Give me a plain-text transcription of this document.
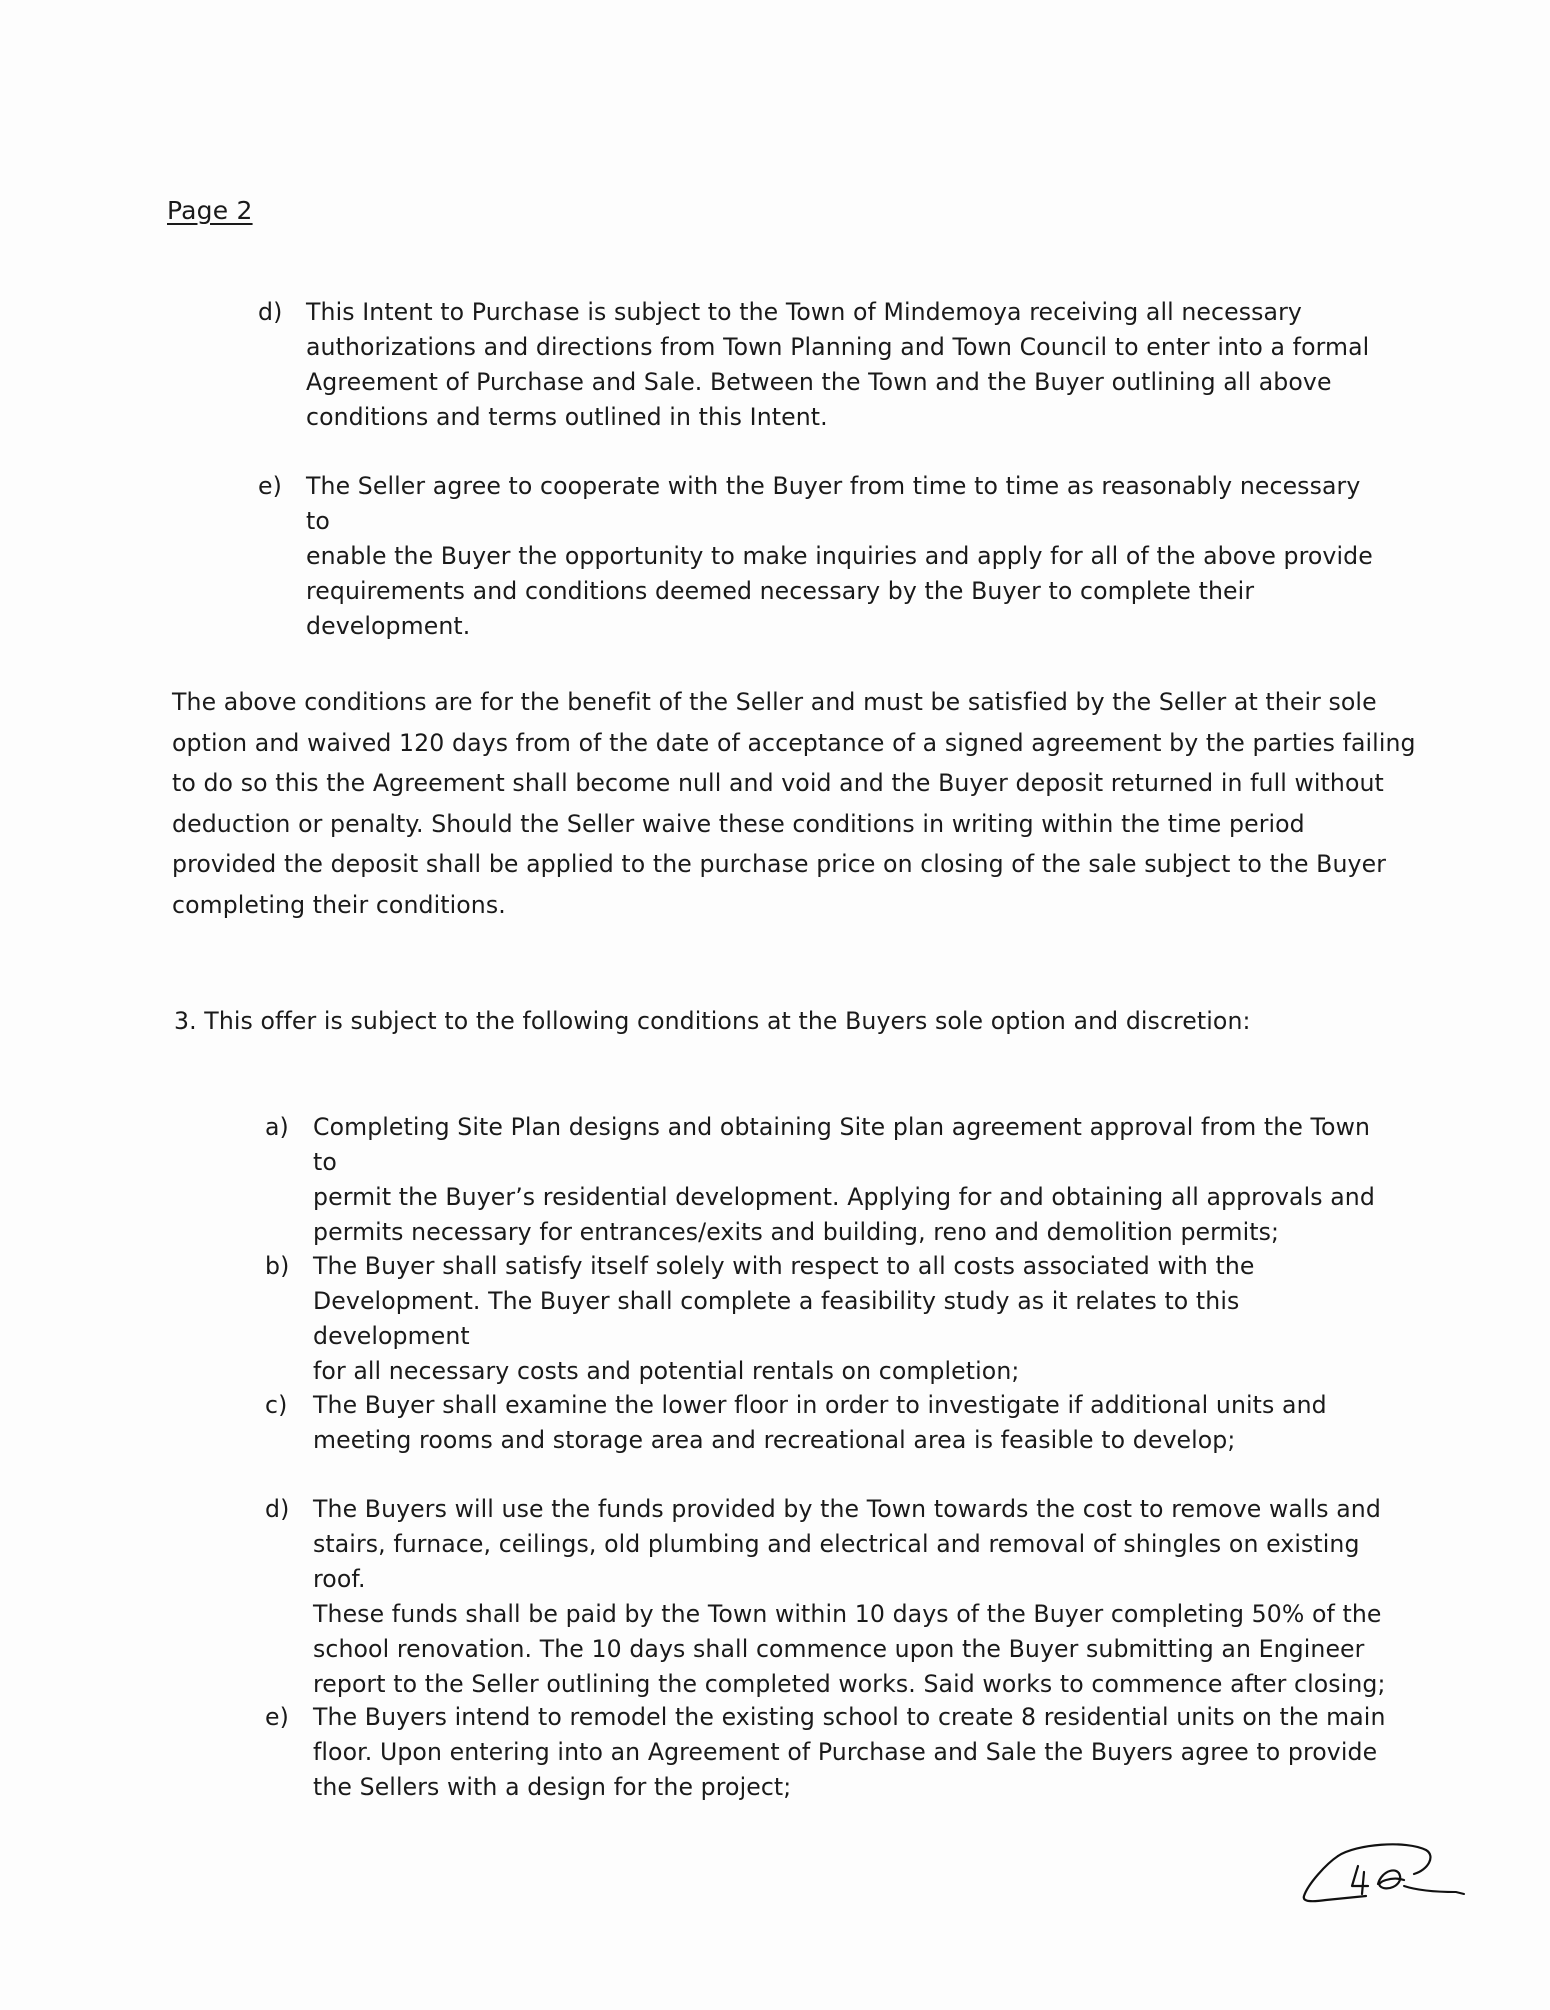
Page 2
d) This Intent to Purchase is subject to the Town of Mindemoya receiving all necessary
authorizations and directions from Town Planning and Town Council to enter into a formal
Agreement of Purchase and Sale. Between the Town and the Buyer outlining all above
conditions and terms outlined in this Intent.
e) The Seller agree to cooperate with the Buyer from time to time as reasonably necessary to
enable the Buyer the opportunity to make inquiries and apply for all of the above provide
requirements and conditions deemed necessary by the Buyer to complete their
development.
The above conditions are for the benefit of the Seller and must be satisfied by the Seller at their sole
option and waived 120 days from of the date of acceptance of a signed agreement by the parties failing
to do so this the Agreement shall become null and void and the Buyer deposit returned in full without
deduction or penalty. Should the Seller waive these conditions in writing within the time period
provided the deposit shall be applied to the purchase price on closing of the sale subject to the Buyer
completing their conditions.
3. This offer is subject to the following conditions at the Buyers sole option and discretion:
a) Completing Site Plan designs and obtaining Site plan agreement approval from the Town to
permit the Buyer’s residential development. Applying for and obtaining all approvals and
permits necessary for entrances/exits and building, reno and demolition permits;
b) The Buyer shall satisfy itself solely with respect to all costs associated with the
Development. The Buyer shall complete a feasibility study as it relates to this development
for all necessary costs and potential rentals on completion;
c) The Buyer shall examine the lower floor in order to investigate if additional units and
meeting rooms and storage area and recreational area is feasible to develop;
d) The Buyers will use the funds provided by the Town towards the cost to remove walls and
stairs, furnace, ceilings, old plumbing and electrical and removal of shingles on existing roof.
These funds shall be paid by the Town within 10 days of the Buyer completing 50% of the
school renovation. The 10 days shall commence upon the Buyer submitting an Engineer
report to the Seller outlining the completed works. Said works to commence after closing;
e) The Buyers intend to remodel the existing school to create 8 residential units on the main
floor. Upon entering into an Agreement of Purchase and Sale the Buyers agree to provide
the Sellers with a design for the project;
